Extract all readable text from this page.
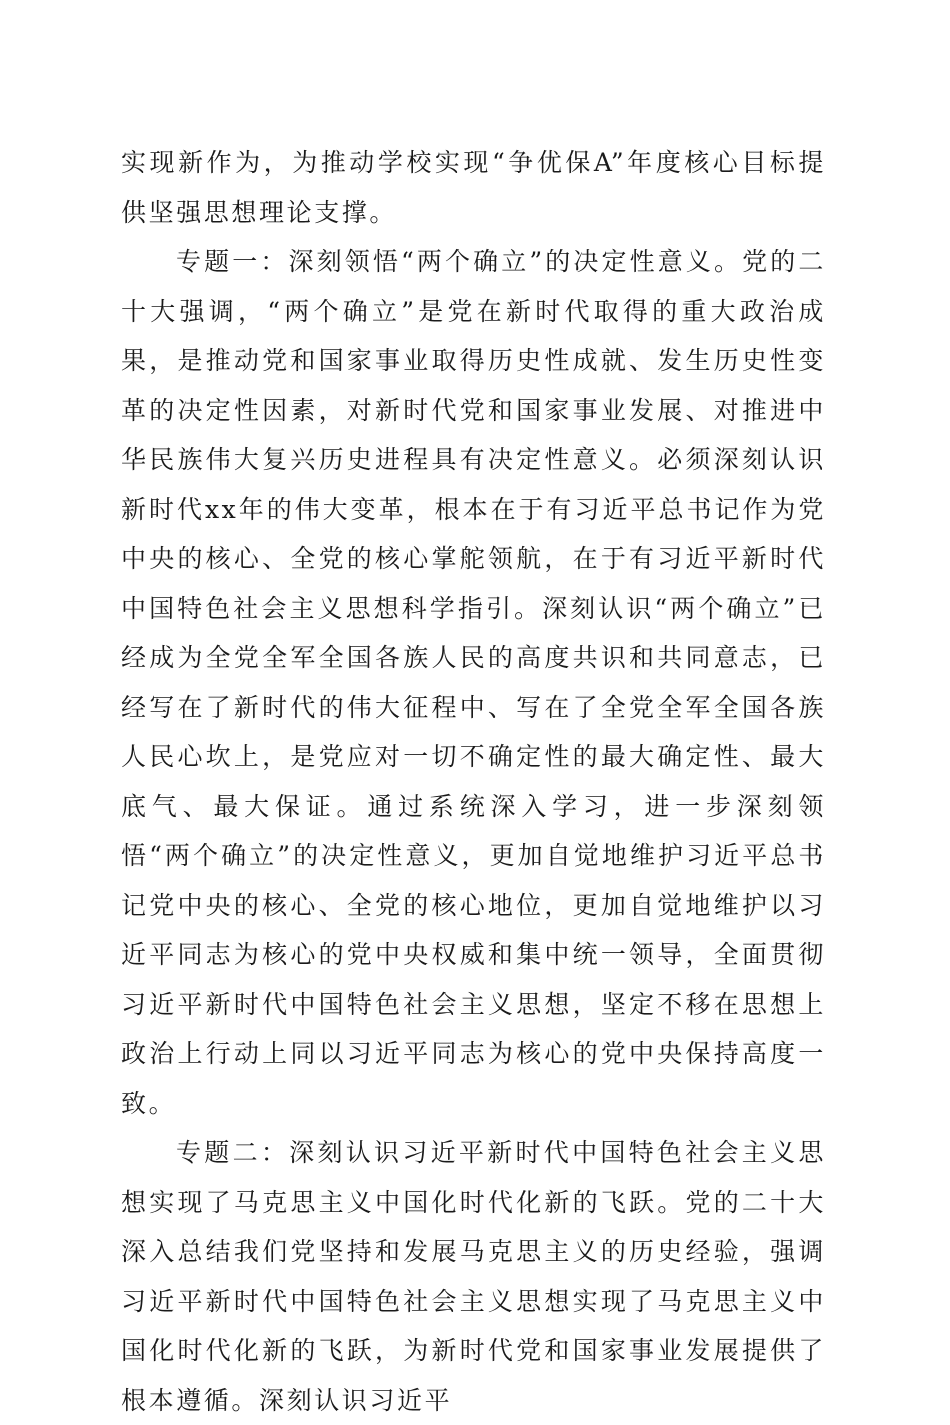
实现新作为，为推动学校实现“争优保A”年度核心目标提供坚强思想理论支撑。

专题一：深刻领悟“两个确立”的决定性意义。党的二十大强调，“两个确立”是党在新时代取得的重大政治成果，是推动党和国家事业取得历史性成就、发生历史性变革的决定性因素，对新时代党和国家事业发展、对推进中华民族伟大复兴历史进程具有决定性意义。必须深刻认识新时代xx年的伟大变革，根本在于有习近平总书记作为党中央的核心、全党的核心掌舵领航，在于有习近平新时代中国特色社会主义思想科学指引。深刻认识“两个确立”已经成为全党全军全国各族人民的高度共识和共同意志，已经写在了新时代的伟大征程中、写在了全党全军全国各族人民心坎上，是党应对一切不确定性的最大确定性、最大底气、最大保证。通过系统深入学习，进一步深刻领悟“两个确立”的决定性意义，更加自觉地维护习近平总书记党中央的核心、全党的核心地位，更加自觉地维护以习近平同志为核心的党中央权威和集中统一领导，全面贯彻习近平新时代中国特色社会主义思想，坚定不移在思想上政治上行动上同以习近平同志为核心的党中央保持高度一致。

专题二：深刻认识习近平新时代中国特色社会主义思想实现了马克思主义中国化时代化新的飞跃。党的二十大深入总结我们党坚持和发展马克思主义的历史经验，强调习近平新时代中国特色社会主义思想实现了马克思主义中国化时代化新的飞跃，为新时代党和国家事业发展提供了根本遵循。深刻认识习近平
